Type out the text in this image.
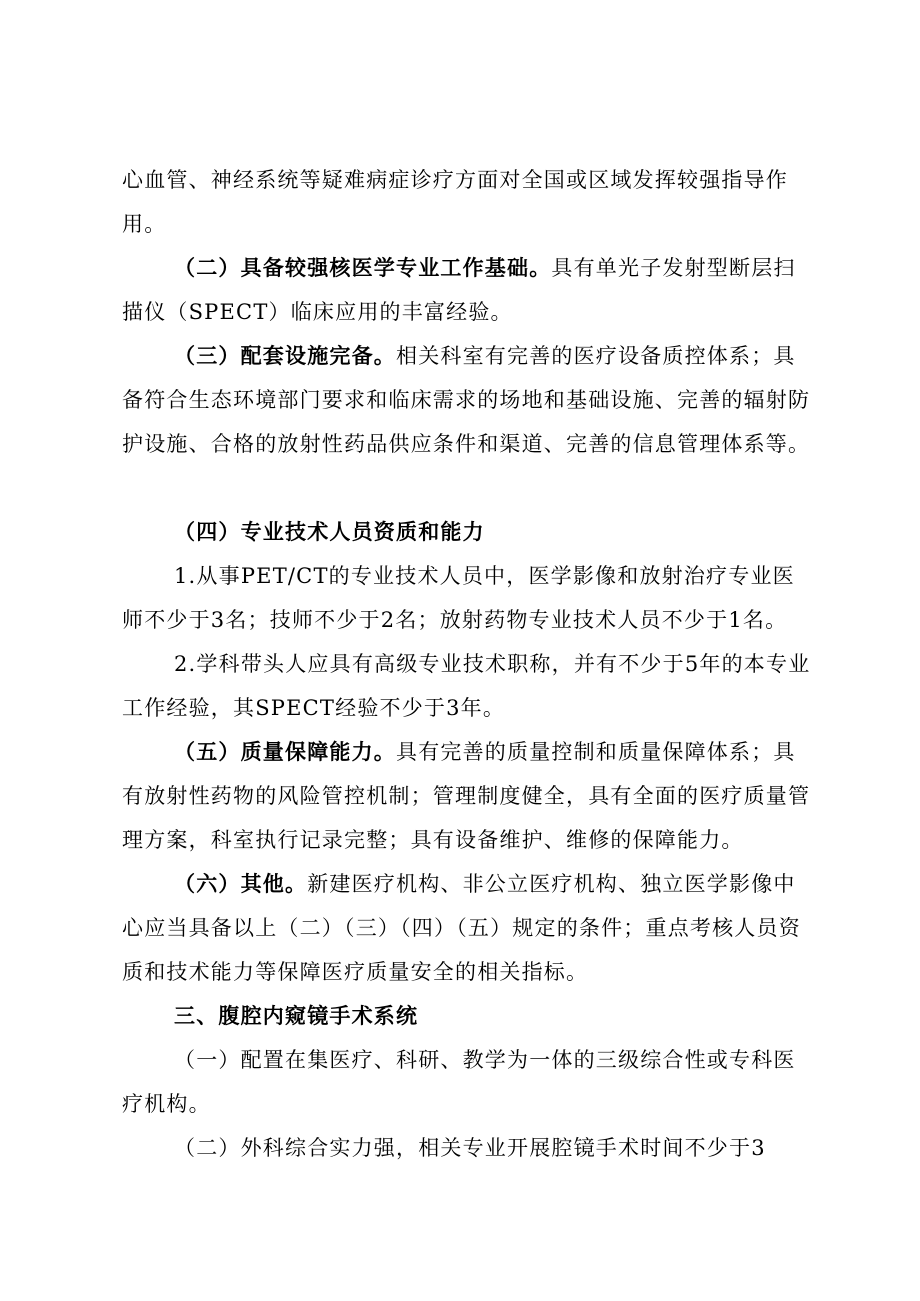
心血管、神经系统等疑难病症诊疗方面对全国或区域发挥较强指导作用。

（二）具备较强核医学专业工作基础。具有单光子发射型断层扫描仪（SPECT）临床应用的丰富经验。

（三）配套设施完备。相关科室有完善的医疗设备质控体系；具备符合生态环境部门要求和临床需求的场地和基础设施、完善的辐射防护设施、合格的放射性药品供应条件和渠道、完善的信息管理体系等。

（四）专业技术人员资质和能力

1.从事PET/CT的专业技术人员中，医学影像和放射治疗专业医师不少于3名；技师不少于2名；放射药物专业技术人员不少于1名。

2.学科带头人应具有高级专业技术职称，并有不少于5年的本专业工作经验，其SPECT经验不少于3年。

（五）质量保障能力。具有完善的质量控制和质量保障体系；具有放射性药物的风险管控机制；管理制度健全，具有全面的医疗质量管理方案，科室执行记录完整；具有设备维护、维修的保障能力。

（六）其他。新建医疗机构、非公立医疗机构、独立医学影像中心应当具备以上（二）（三）（四）（五）规定的条件；重点考核人员资质和技术能力等保障医疗质量安全的相关指标。

三、腹腔内窥镜手术系统

（一）配置在集医疗、科研、教学为一体的三级综合性或专科医疗机构。

（二）外科综合实力强，相关专业开展腔镜手术时间不少于3
